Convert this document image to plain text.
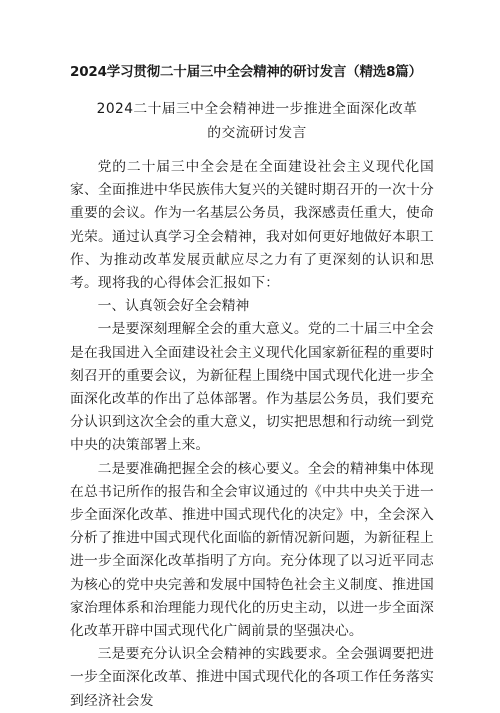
2024学习贯彻二十届三中全会精神的研讨发言（精选8篇）
2024二十届三中全会精神进一步推进全面深化改革
的交流研讨发言

党的二十届三中全会是在全面建设社会主义现代化国家、全面推进中华民族伟大复兴的关键时期召开的一次十分重要的会议。作为一名基层公务员，我深感责任重大，使命光荣。通过认真学习全会精神，我对如何更好地做好本职工作、为推动改革发展贡献应尽之力有了更深刻的认识和思考。现将我的心得体会汇报如下：

一、认真领会好全会精神

一是要深刻理解全会的重大意义。党的二十届三中全会是在我国进入全面建设社会主义现代化国家新征程的重要时刻召开的重要会议，为新征程上围绕中国式现代化进一步全面深化改革的作出了总体部署。作为基层公务员，我们要充分认识到这次全会的重大意义，切实把思想和行动统一到党中央的决策部署上来。

二是要准确把握全会的核心要义。全会的精神集中体现在总书记所作的报告和全会审议通过的《中共中央关于进一步全面深化改革、推进中国式现代化的决定》中，全会深入分析了推进中国式现代化面临的新情况新问题，为新征程上进一步全面深化改革指明了方向。充分体现了以习近平同志为核心的党中央完善和发展中国特色社会主义制度、推进国家治理体系和治理能力现代化的历史主动，以进一步全面深化改革开辟中国式现代化广阔前景的坚强决心。

三是要充分认识全会精神的实践要求。全会强调要把进一步全面深化改革、推进中国式现代化的各项工作任务落实到经济社会发
